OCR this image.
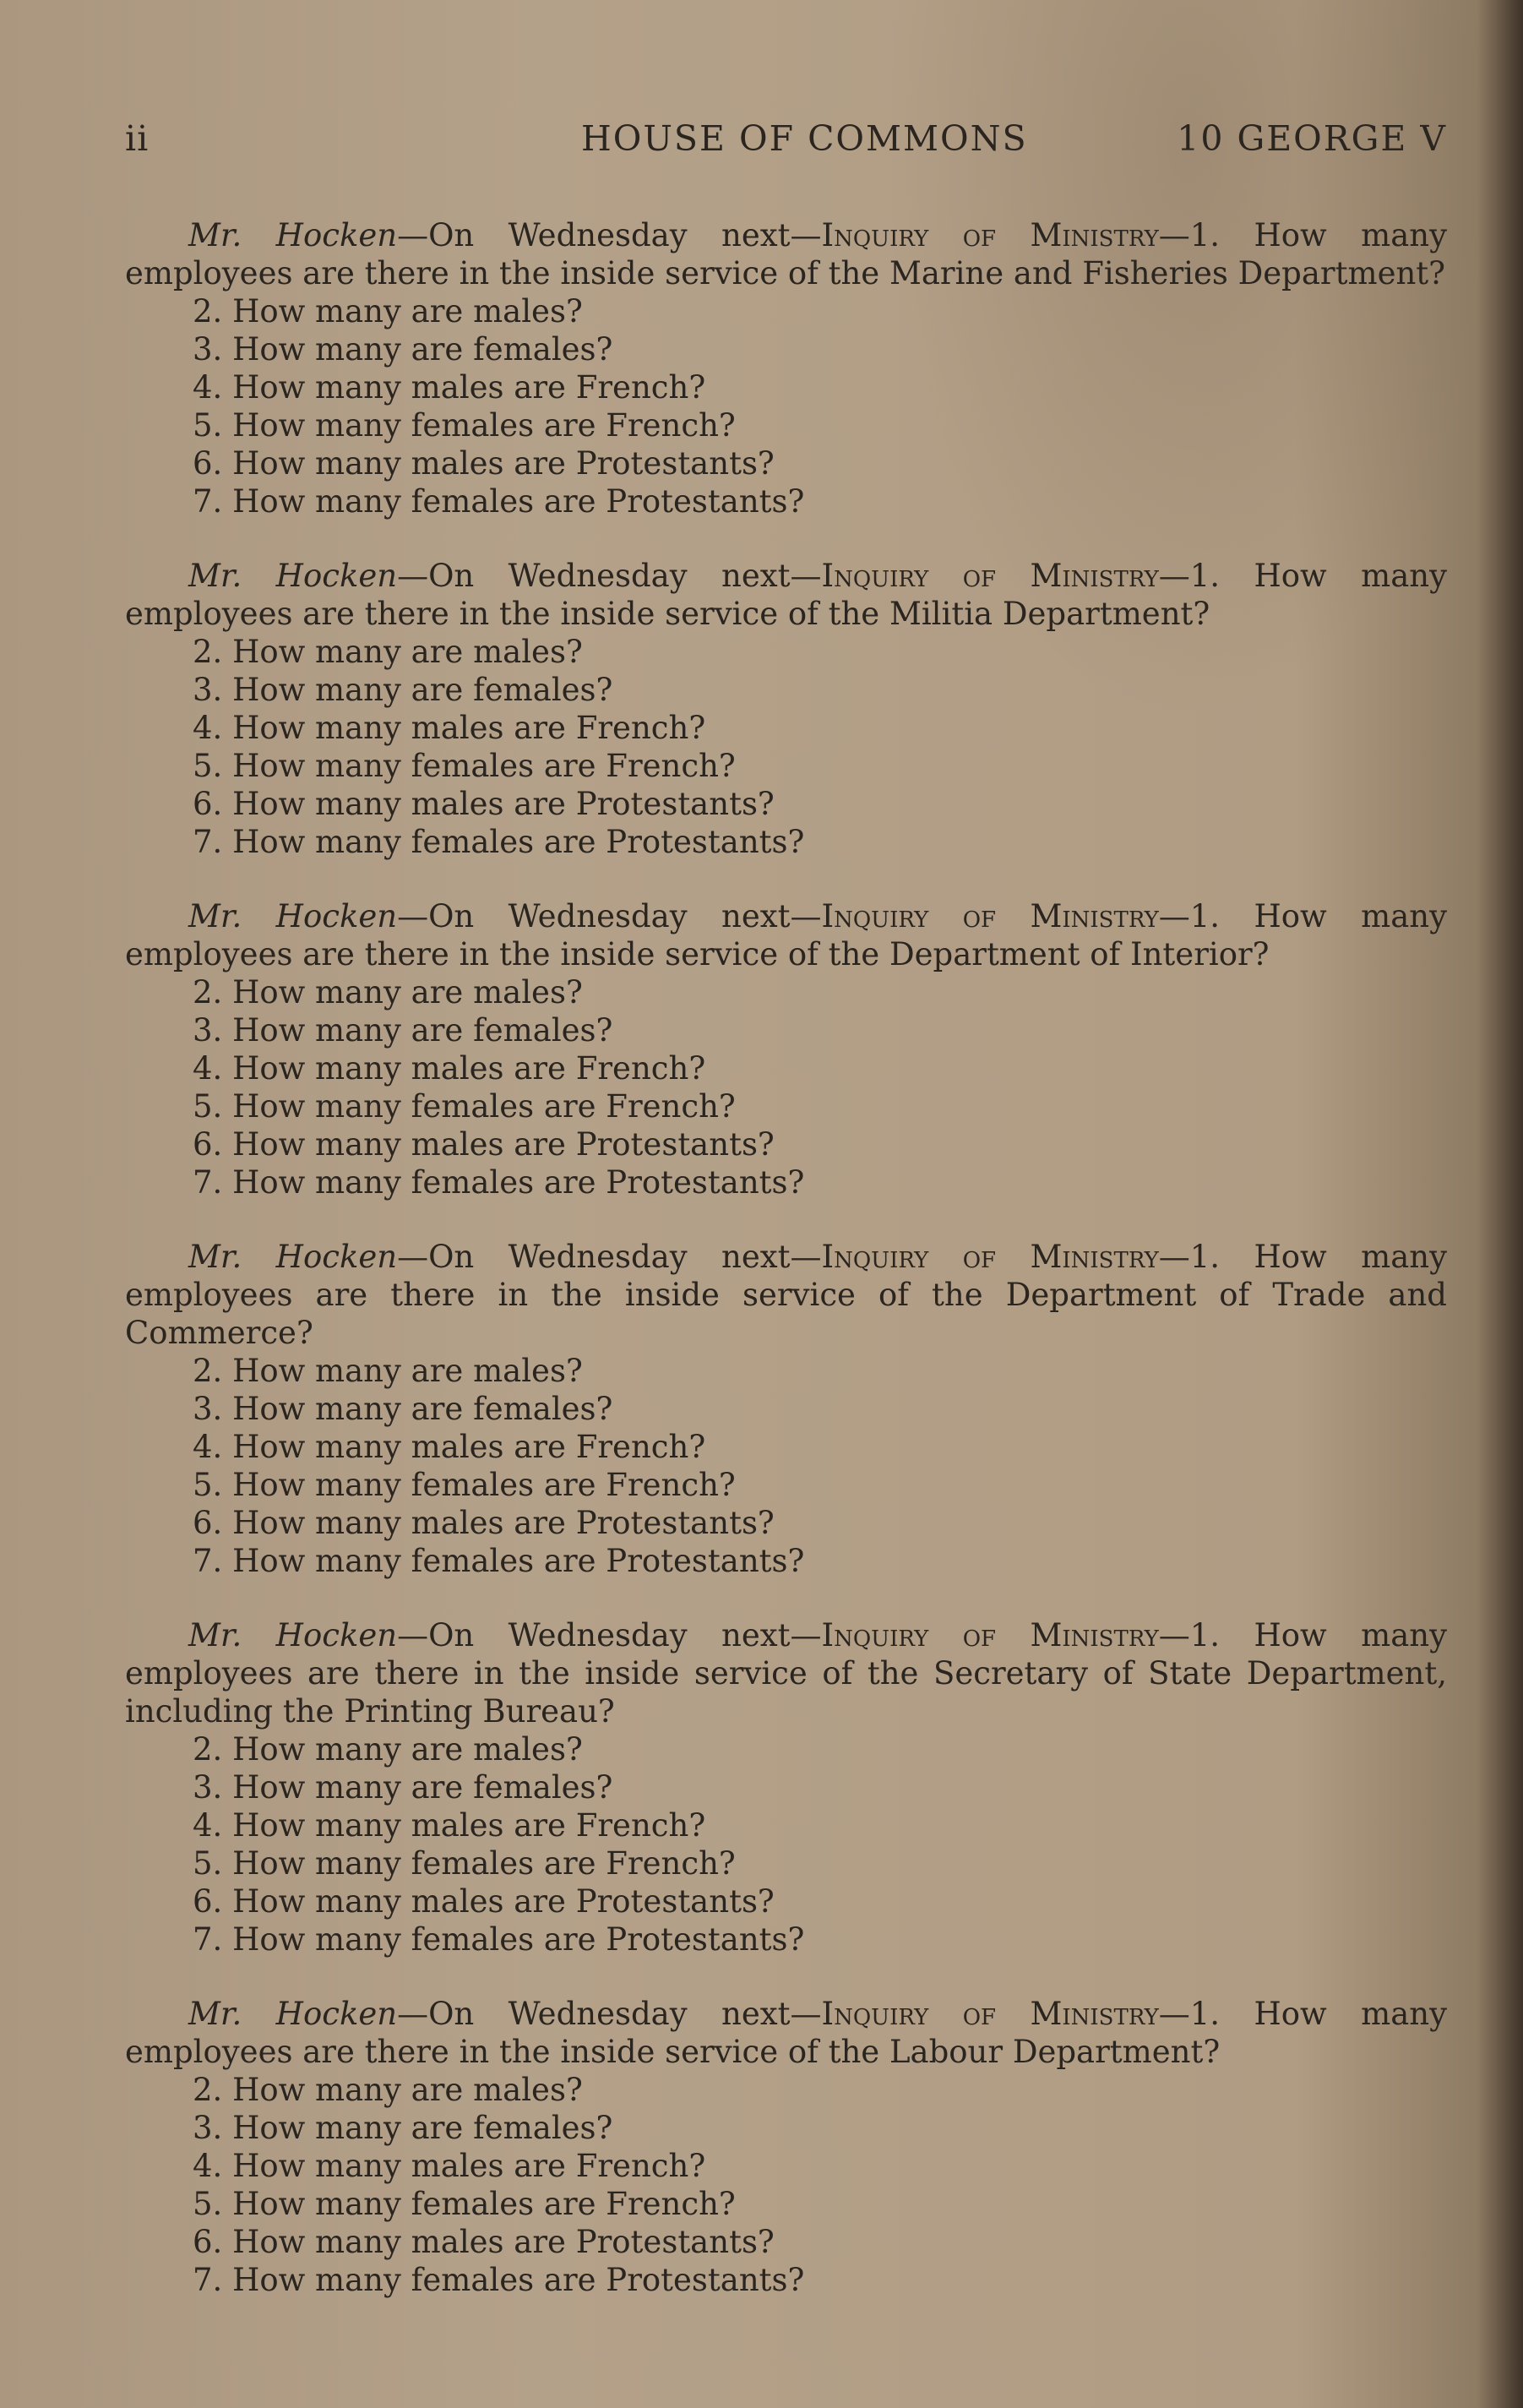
ii	HOUSE OF COMMONS	10 GEORGE V

Mr. Hocken—On Wednesday next—Inquiry of Ministry—1. How many employees are there in the inside service of the Marine and Fisheries Department?

2. How many are males?

3. How many are females?

4. How many males are French?

5. How many females are French?

6. How many males are Protestants?

7. How many females are Protestants?

Mr. Hocken—On Wednesday next—Inquiry of Ministry—1. How many employees are there in the inside service of the Militia Department?

2. How many are males?

3. How many are females?

4. How many males are French?

5. How many females are French?

6. How many males are Protestants?

7. How many females are Protestants?

Mr. Hocken—On Wednesday next—Inquiry of Ministry—1. How many employees are there in the inside service of the Department of Interior?

2. How many are males?

3. How many are females?

4. How many males are French?

5. How many females are French?

6. How many males are Protestants?

7. How many females are Protestants?

Mr. Hocken—On Wednesday next—Inquiry of Ministry—1. How many employees are there in the inside service of the Department of Trade and Commerce?

2. How many are males?

3. How many are females?

4. How many males are French?

5. How many females are French?

6. How many males are Protestants?

7. How many females are Protestants?

Mr. Hocken—On Wednesday next—Inquiry of Ministry—1. How many employees are there in the inside service of the Secretary of State Department, including the Printing Bureau?

2. How many are males?

3. How many are females?

4. How many males are French?

5. How many females are French?

6. How many males are Protestants?

7. How many females are Protestants?

Mr. Hocken—On Wednesday next—Inquiry of Ministry—1. How many employees are there in the inside service of the Labour Department?

2. How many are males?

3. How many are females?

4. How many males are French?

5. How many females are French?

6. How many males are Protestants?

7. How many females are Protestants?
